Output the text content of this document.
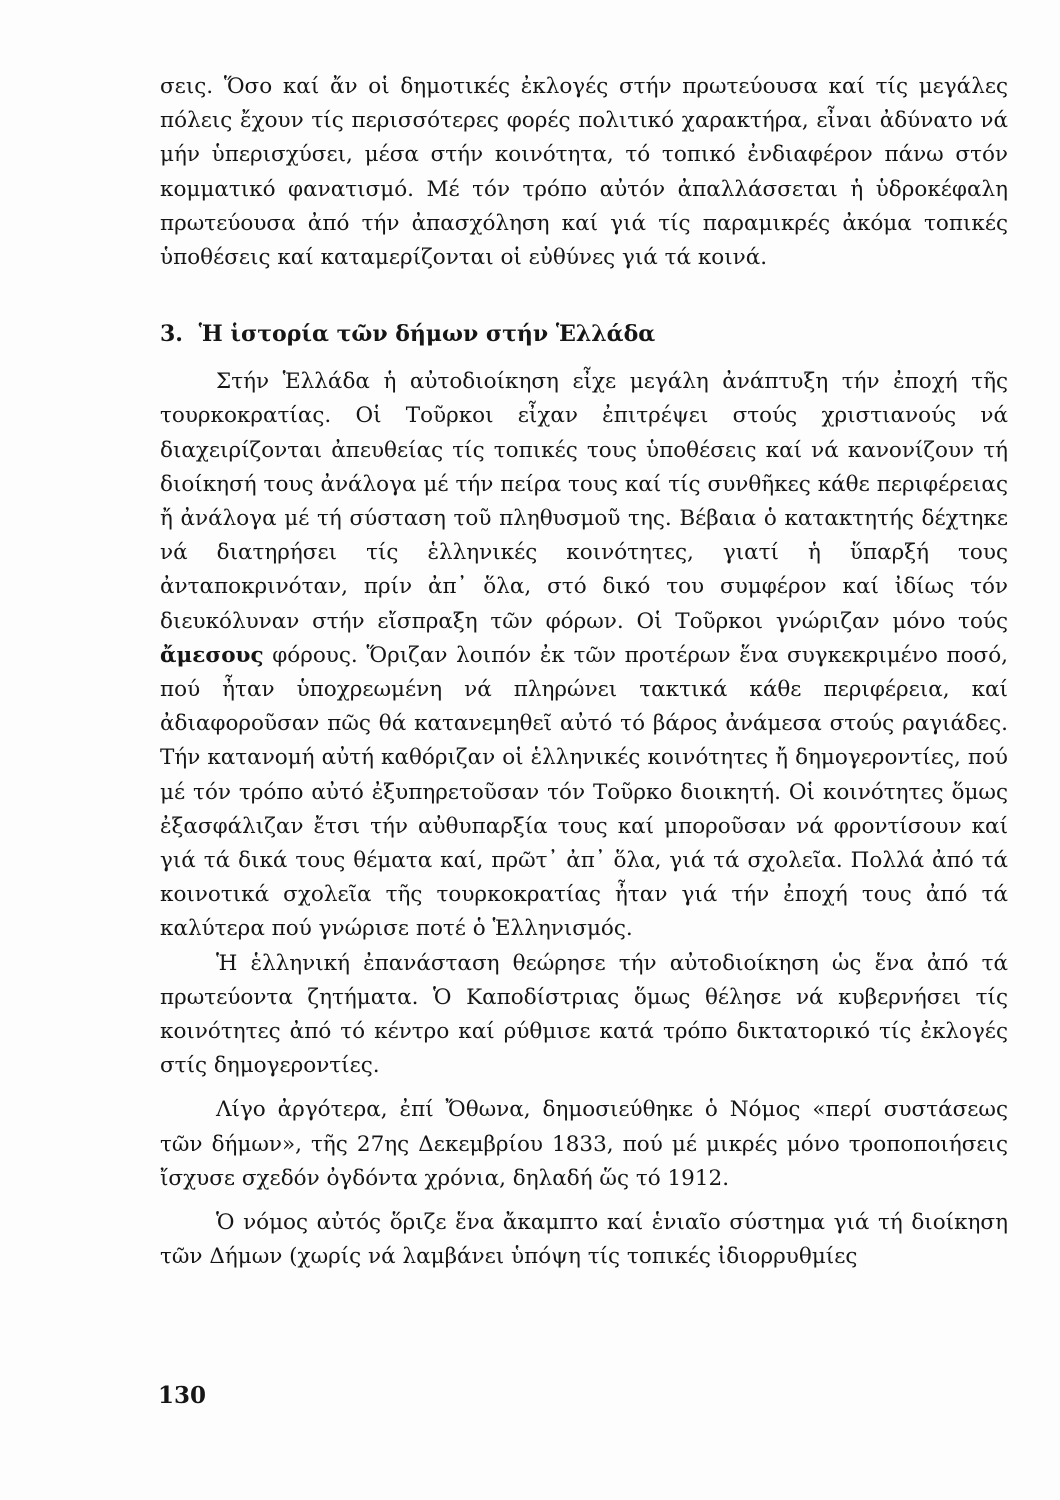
σεις. Ὅσο καί ἄν οἱ δημοτικές ἐκλογές στήν πρωτεύουσα καί τίς μεγάλες πόλεις ἔχουν τίς περισσότερες φορές πολιτικό χαρακτήρα, εἶναι ἀδύνατο νά μήν ὑπερισχύσει, μέσα στήν κοινότητα, τό τοπικό ἐνδιαφέρον πάνω στόν κομματικό φανατισμό. Μέ τόν τρόπο αὐτόν ἀπαλλάσσεται ἡ ὑδροκέφαλη πρωτεύουσα ἀπό τήν ἀπασχόληση καί γιά τίς παραμικρές ἀκόμα τοπικές ὑποθέσεις καί καταμερίζονται οἱ εὐθύνες γιά τά κοινά.

3. Ἡ ἱστορία τῶν δήμων στήν Ἑλλάδα

Στήν Ἑλλάδα ἡ αὐτοδιοίκηση εἶχε μεγάλη ἀνάπτυξη τήν ἐποχή τῆς τουρκοκρατίας. Οἱ Τοῦρκοι εἶχαν ἐπιτρέψει στούς χριστιανούς νά διαχειρίζονται ἀπευθείας τίς τοπικές τους ὑποθέσεις καί νά κανονίζουν τή διοίκησή τους ἀνάλογα μέ τήν πείρα τους καί τίς συνθῆκες κάθε περιφέρειας ἤ ἀνάλογα μέ τή σύσταση τοῦ πληθυσμοῦ της. Βέβαια ὁ κατακτητής δέχτηκε νά διατηρήσει τίς ἑλληνικές κοινότητες, γιατί ἡ ὕπαρξή τους ἀνταποκρινόταν, πρίν ἀπ᾽ ὅλα, στό δικό του συμφέρον καί ἰδίως τόν διευκόλυναν στήν εἴσπραξη τῶν φόρων. Οἱ Τοῦρκοι γνώριζαν μόνο τούς ἄμεσους φόρους. Ὅριζαν λοιπόν ἐκ τῶν προτέρων ἕνα συγκεκριμένο ποσό, πού ἦταν ὑποχρεωμένη νά πληρώνει τακτικά κάθε περιφέρεια, καί ἀδιαφοροῦσαν πῶς θά κατανεμηθεῖ αὐτό τό βάρος ἀνάμεσα στούς ραγιάδες. Τήν κατανομή αὐτή καθόριζαν οἱ ἑλληνικές κοινότητες ἤ δημογεροντίες, πού μέ τόν τρόπο αὐτό ἐξυπηρετοῦσαν τόν Τοῦρκο διοικητή. Οἱ κοινότητες ὅμως ἐξασφάλιζαν ἔτσι τήν αὐθυπαρξία τους καί μποροῦσαν νά φροντίσουν καί γιά τά δικά τους θέματα καί, πρῶτ᾽ ἀπ᾽ ὅλα, γιά τά σχολεῖα. Πολλά ἀπό τά κοινοτικά σχολεῖα τῆς τουρκοκρατίας ἦταν γιά τήν ἐποχή τους ἀπό τά καλύτερα πού γνώρισε ποτέ ὁ Ἑλληνισμός.

Ἡ ἑλληνική ἐπανάσταση θεώρησε τήν αὐτοδιοίκηση ὡς ἕνα ἀπό τά πρωτεύοντα ζητήματα. Ὁ Καποδίστριας ὅμως θέλησε νά κυβερνήσει τίς κοινότητες ἀπό τό κέντρο καί ρύθμισε κατά τρόπο δικτατορικό τίς ἐκλογές στίς δημογεροντίες.

Λίγο ἀργότερα, ἐπί Ὄθωνα, δημοσιεύθηκε ὁ Νόμος «περί συστάσεως τῶν δήμων», τῆς 27ης Δεκεμβρίου 1833, πού μέ μικρές μόνο τροποποιήσεις ἴσχυσε σχεδόν ὀγδόντα χρόνια, δηλαδή ὥς τό 1912.

Ὁ νόμος αὐτός ὅριζε ἕνα ἄκαμπτο καί ἑνιαῖο σύστημα γιά τή διοίκηση τῶν Δήμων (χωρίς νά λαμβάνει ὑπόψη τίς τοπικές ἰδιορρυθμίες

130
